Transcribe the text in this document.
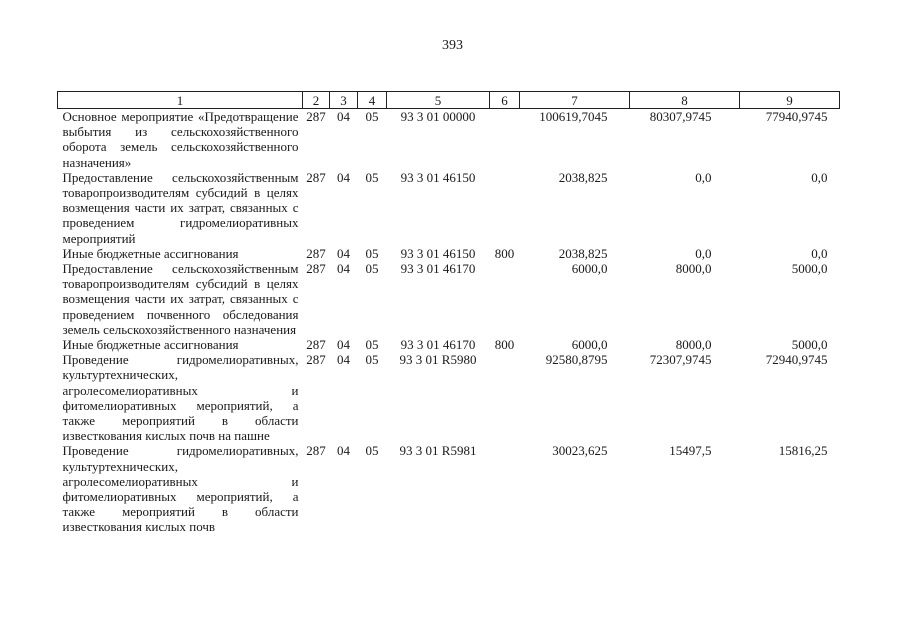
393
1	2	3	4	5	6	7	8	9
Основное мероприятие «Предотвращение выбытия из сельскохозяйственного оборота земель сельскохозяйственного назначения»	287	04	05	93 3 01 00000		100619,7045	80307,9745	77940,9745
Предоставление сельскохозяйственным товаропроизводителям субсидий в целях возмещения части их затрат, связанных с проведением гидромелиоративных мероприятий	287	04	05	93 3 01 46150		2038,825	0,0	0,0
Иные бюджетные ассигнования	287	04	05	93 3 01 46150	800	2038,825	0,0	0,0
Предоставление сельскохозяйственным товаропроизводителям субсидий в целях возмещения части их затрат, связанных с проведением почвенного обследования земель сельскохозяйственного назначения	287	04	05	93 3 01 46170		6000,0	8000,0	5000,0
Иные бюджетные ассигнования	287	04	05	93 3 01 46170	800	6000,0	8000,0	5000,0
Проведение гидромелиоративных, культуртехнических, агролесомелиоративных и фитомелиоративных мероприятий, а также мероприятий в области известкования кислых почв на пашне	287	04	05	93 3 01 R5980		92580,8795	72307,9745	72940,9745
Проведение гидромелиоративных, культуртехнических, агролесомелиоративных и фитомелиоративных мероприятий, а также мероприятий в области известкования кислых почв	287	04	05	93 3 01 R5981		30023,625	15497,5	15816,25
